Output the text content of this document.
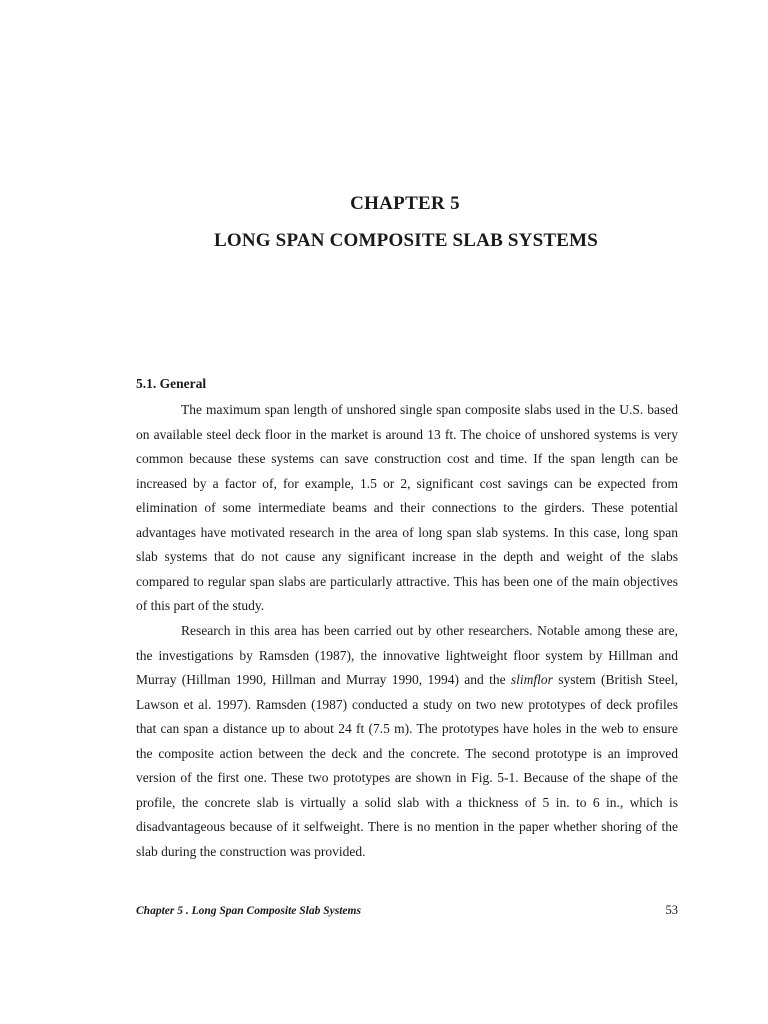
CHAPTER 5
LONG SPAN COMPOSITE SLAB SYSTEMS
5.1. General

The maximum span length of unshored single span composite slabs used in the U.S. based on available steel deck floor in the market is around 13 ft. The choice of unshored systems is very common because these systems can save construction cost and time. If the span length can be increased by a factor of, for example, 1.5 or 2, significant cost savings can be expected from elimination of some intermediate beams and their connections to the girders. These potential advantages have motivated research in the area of long span slab systems. In this case, long span slab systems that do not cause any significant increase in the depth and weight of the slabs compared to regular span slabs are particularly attractive. This has been one of the main objectives of this part of the study.

Research in this area has been carried out by other researchers. Notable among these are, the investigations by Ramsden (1987), the innovative lightweight floor system by Hillman and Murray (Hillman 1990, Hillman and Murray 1990, 1994) and the slimflor system (British Steel, Lawson et al. 1997). Ramsden (1987) conducted a study on two new prototypes of deck profiles that can span a distance up to about 24 ft (7.5 m). The prototypes have holes in the web to ensure the composite action between the deck and the concrete. The second prototype is an improved version of the first one. These two prototypes are shown in Fig. 5-1. Because of the shape of the profile, the concrete slab is virtually a solid slab with a thickness of 5 in. to 6 in., which is disadvantageous because of it selfweight. There is no mention in the paper whether shoring of the slab during the construction was provided.

Chapter 5 . Long Span Composite Slab Systems	53
